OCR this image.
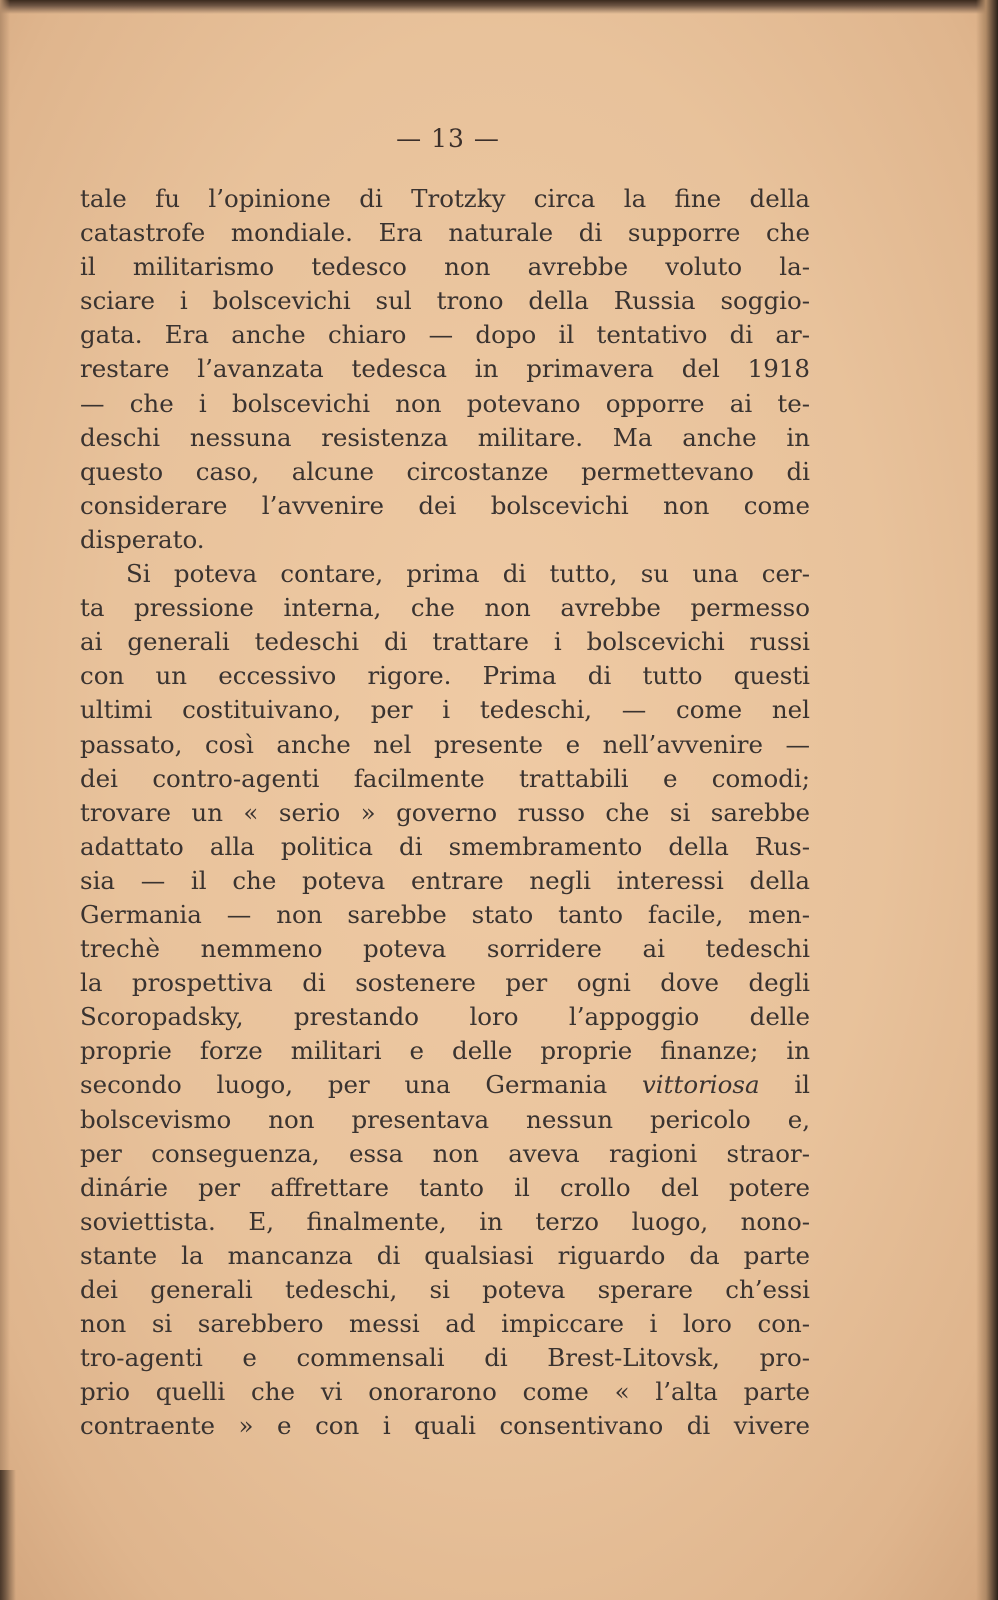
— 13 —
tale fu l’opinione di Trotzky circa la fine della
catastrofe mondiale. Era naturale di supporre che
il militarismo tedesco non avrebbe voluto la-
sciare i bolscevichi sul trono della Russia soggio-
gata. Era anche chiaro — dopo il tentativo di ar-
restare l’avanzata tedesca in primavera del 1918
— che i bolscevichi non potevano opporre ai te-
deschi nessuna resistenza militare. Ma anche in
questo caso, alcune circostanze permettevano di
considerare l’avvenire dei bolscevichi non come
disperato.
Si poteva contare, prima di tutto, su una cer-
ta pressione interna, che non avrebbe permesso
ai generali tedeschi di trattare i bolscevichi russi
con un eccessivo rigore. Prima di tutto questi
ultimi costituivano, per i tedeschi, — come nel
passato, così anche nel presente e nell’avvenire —
dei contro-agenti facilmente trattabili e comodi;
trovare un « serio » governo russo che si sarebbe
adattato alla politica di smembramento della Rus-
sia — il che poteva entrare negli interessi della
Germania — non sarebbe stato tanto facile, men-
trechè nemmeno poteva sorridere ai tedeschi
la prospettiva di sostenere per ogni dove degli
Scoropadsky, prestando loro l’appoggio delle
proprie forze militari e delle proprie finanze; in
secondo luogo, per una Germania vittoriosa il
bolscevismo non presentava nessun pericolo e,
per conseguenza, essa non aveva ragioni straor-
dinárie per affrettare tanto il crollo del potere
soviettista. E, finalmente, in terzo luogo, nono-
stante la mancanza di qualsiasi riguardo da parte
dei generali tedeschi, si poteva sperare ch’essi
non si sarebbero messi ad impiccare i loro con-
tro-agenti e commensali di Brest-Litovsk, pro-
prio quelli che vi onorarono come « l’alta parte
contraente » e con i quali consentivano di vivere
